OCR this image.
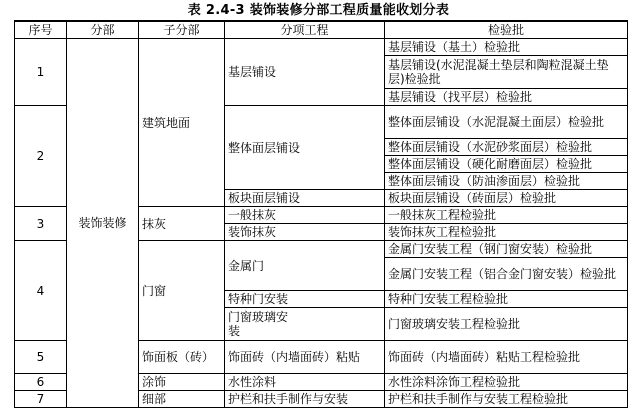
表 2.4-3 装饰装修分部工程质量能收划分表
序号	分部	子分部	分项工程	检验批
1	装饰装修	建筑地面	基层铺设	基层铺设（基土）检验批
				基层铺设(水泥混凝土垫层和陶粒混凝土垫层)检验批
				基层铺设（找平层）检验批
2			整体面层铺设	整体面层铺设（水泥混凝土面层）检验批
				整体面层铺设（水泥砂浆面层）检验批
				整体面层铺设（硬化耐磨面层）检验批
				整体面层铺设（防油渗面层）检验批
			板块面层铺设	板块面层铺设（砖面层）检验批
3		抹灰	一般抹灰	一般抹灰工程检验批
			装饰抹灰	装饰抹灰工程检验批
4		门窗	金属门	金属门安装工程（钢门窗安装）检验批
				金属门安装工程（铝合金门窗安装）检验批
			特种门安装	特种门安装工程检验批
			门窗玻璃安装	门窗玻璃安装工程检验批
5		饰面板（砖）	饰面砖（内墙面砖）粘贴	饰面砖（内墙面砖）粘贴工程检验批
6		涂饰	水性涂料	水性涂料涂饰工程检验批
7		细部	护栏和扶手制作与安装	护栏和扶手制作与安装工程检验批
